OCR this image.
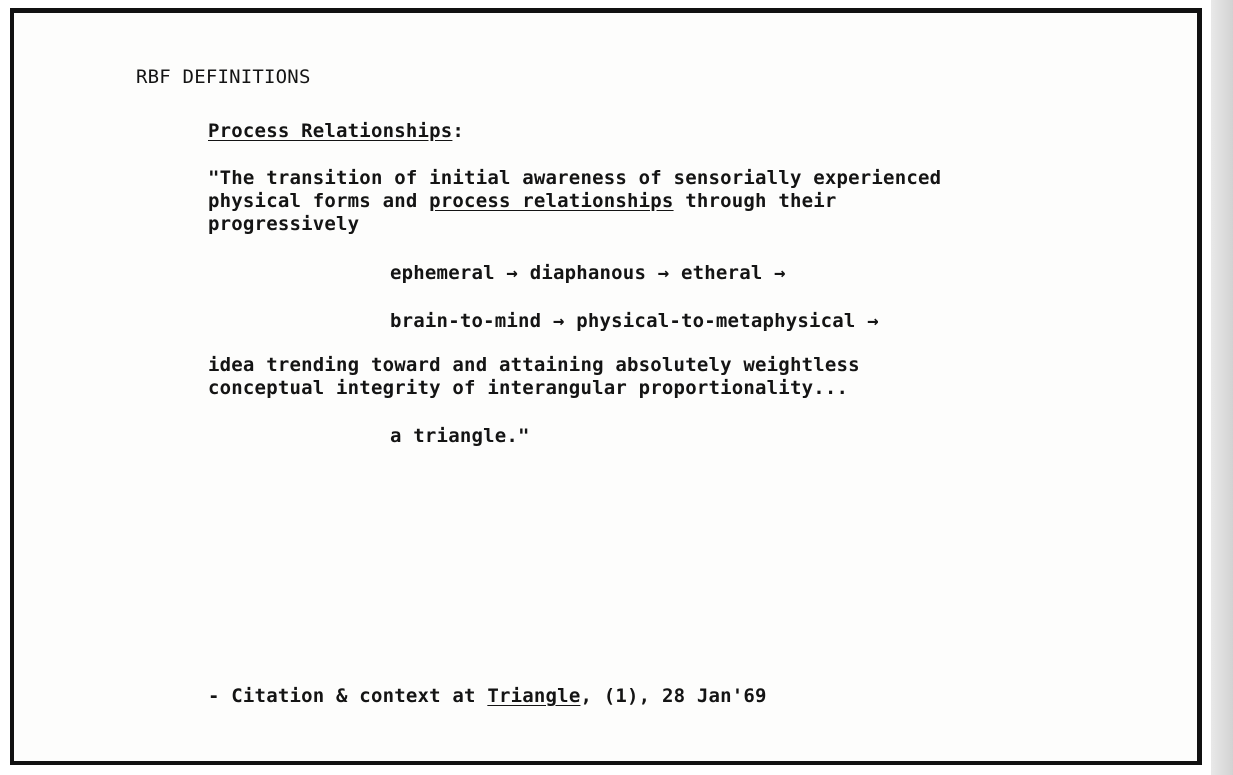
RBF DEFINITIONS

Process Relationships:

"The transition of initial awareness of sensorially experienced

physical forms and process relationships through their

progressively

ephemeral → diaphanous → etheral →

brain-to-mind → physical-to-metaphysical →

idea trending toward and attaining absolutely weightless

conceptual integrity of interangular proportionality...

a triangle."

- Citation & context at Triangle, (1), 28 Jan'69
